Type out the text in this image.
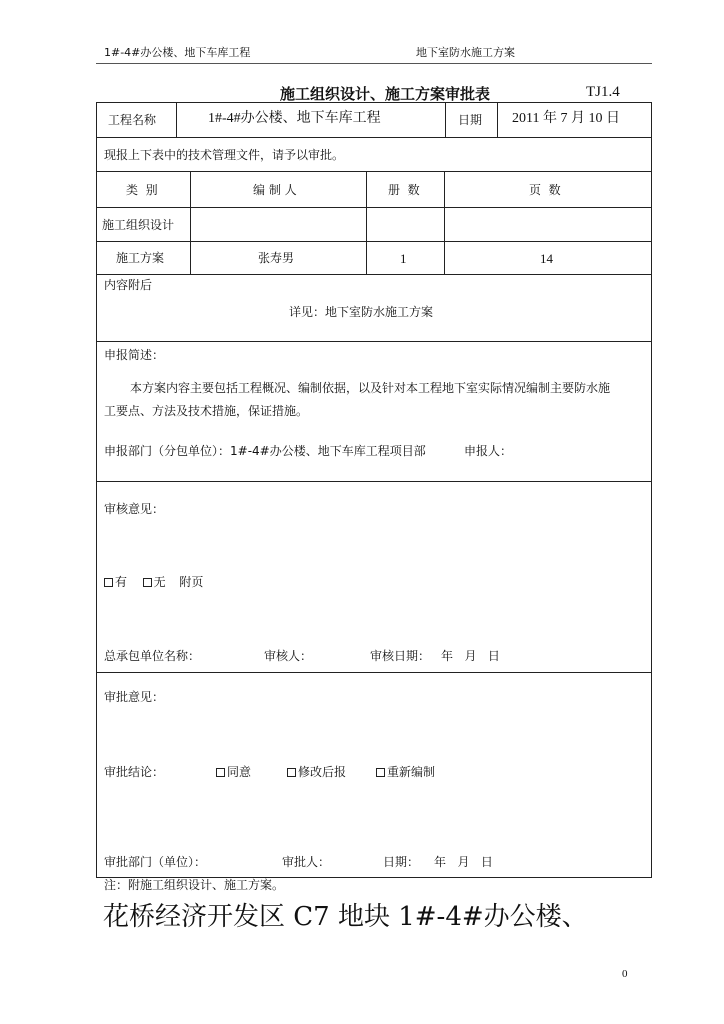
1#-4#办公楼、地下车库工程	地下室防水施工方案
施工组织设计、施工方案审批表	TJ1.4
工程名称	1#-4#办公楼、地下车库工程	日期 2011 年 7 月 10 日
现报上下表中的技术管理文件，请予以审批。
类  别	编 制 人	册  数	页  数
施工组织设计
施工方案	张寿男	1	14
内容附后
详见：地下室防水施工方案
申报简述：
本方案内容主要包括工程概况、编制依据，以及针对本工程地下室实际情况编制主要防水施
工要点、方法及技术措施，保证措施。
申报部门（分包单位）：1#-4#办公楼、地下车库工程项目部	申报人：
审核意见：
有 无 附页
总承包单位名称：	审核人：	审核日期： 年   月   日
审批意见：
审批结论：	同意	修改后报	重新编制
审批部门（单位）：	审批人：	日期： 年   月   日
注：附施工组织设计、施工方案。
花桥经济开发区 C7 地块 1#-4#办公楼、
0
